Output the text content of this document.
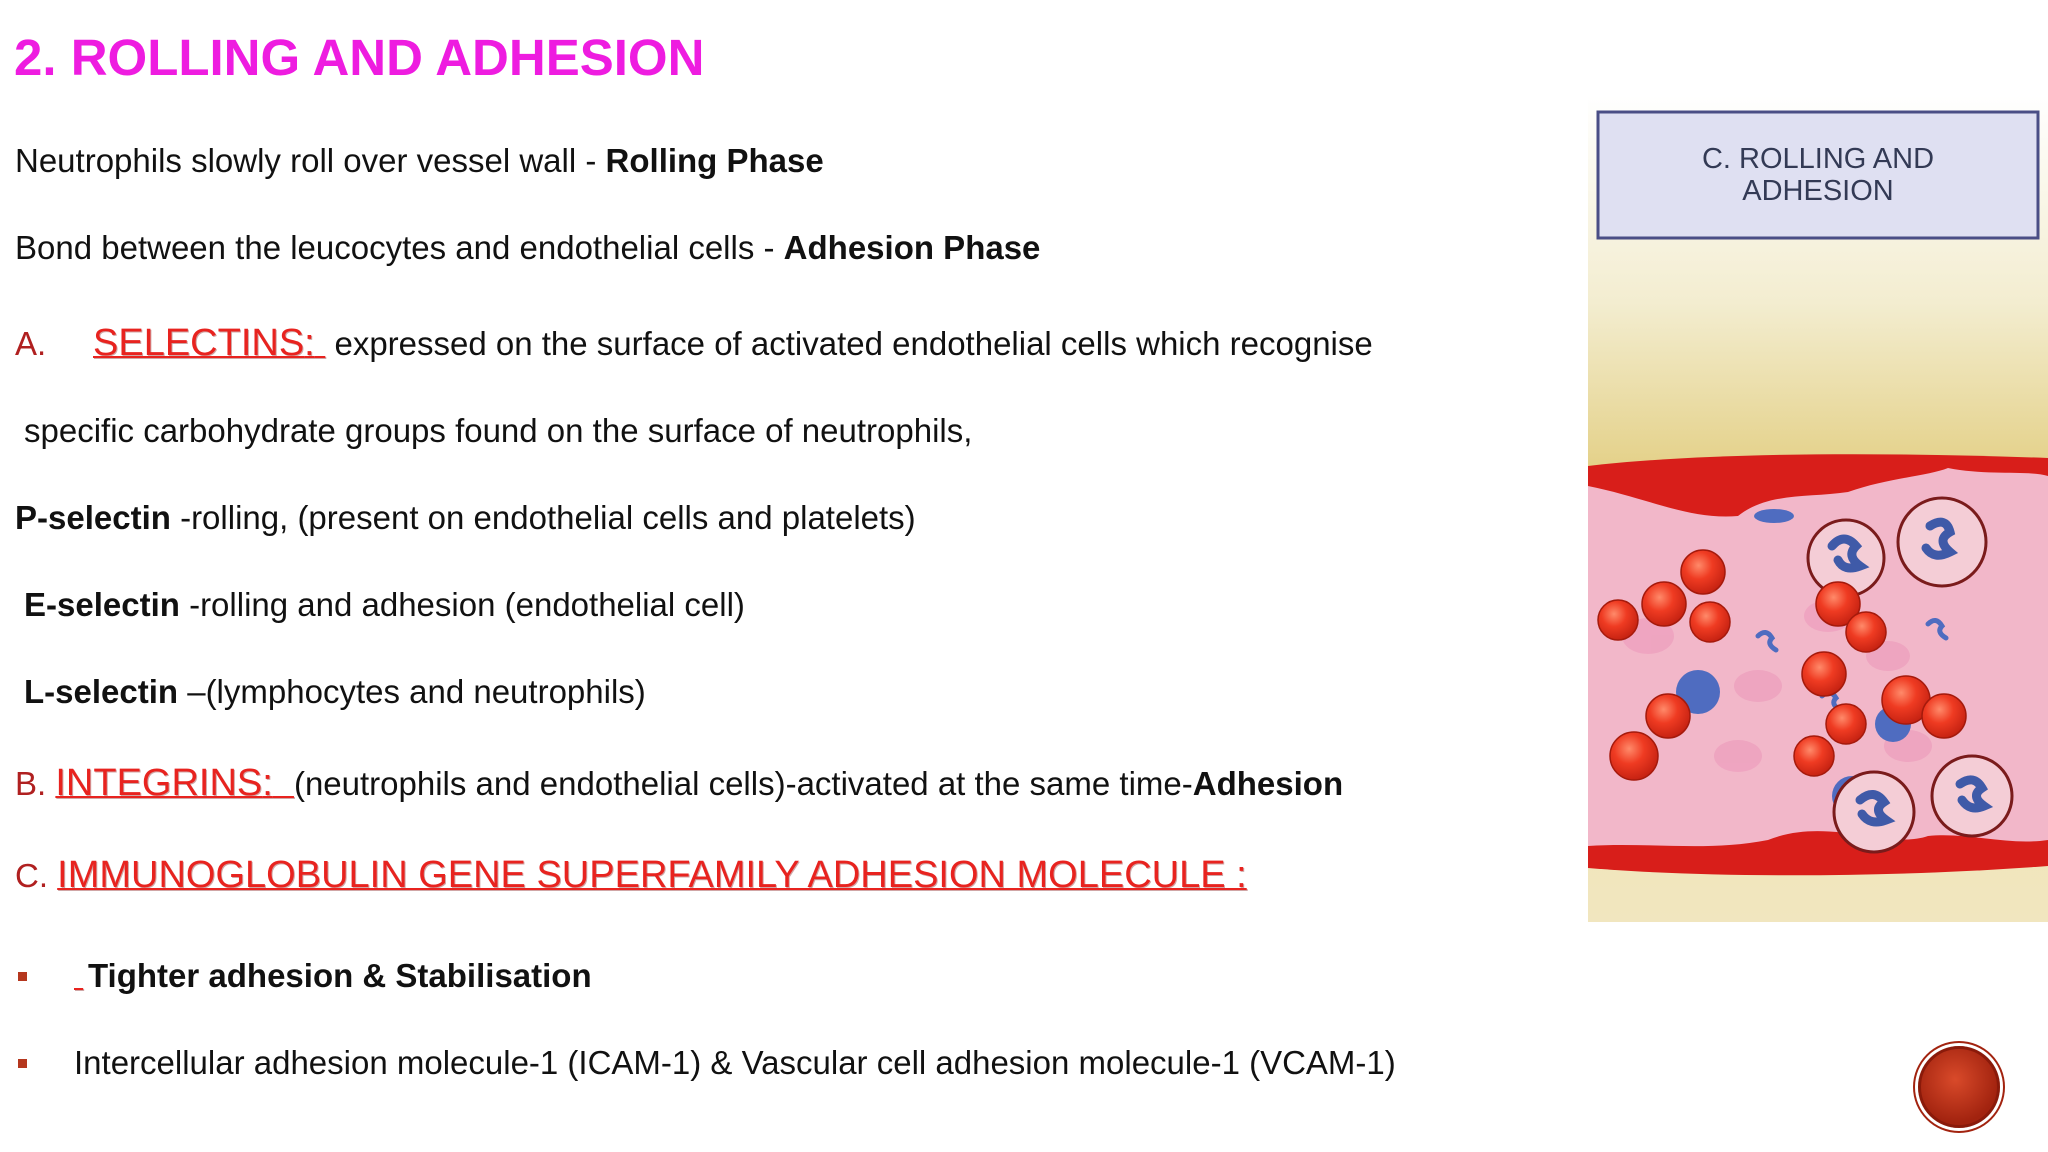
2. ROLLING AND ADHESION
Neutrophils slowly roll over vessel wall - Rolling Phase
Bond between the leucocytes and endothelial cells - Adhesion Phase
A. SELECTINS:  expressed on the surface of activated endothelial cells which recognise
specific carbohydrate groups found on the surface of neutrophils,
P-selectin -rolling, (present on endothelial cells and platelets)
E-selectin -rolling and adhesion (endothelial cell)
L-selectin –(lymphocytes and neutrophils)
B. INTEGRINS: (neutrophils and endothelial cells)-activated at the same time-Adhesion
C. IMMUNOGLOBULIN GENE SUPERFAMILY ADHESION MOLECULE :
Tighter adhesion & Stabilisation
Intercellular adhesion molecule-1 (ICAM-1) & Vascular cell adhesion molecule-1 (VCAM-1)
C. ROLLING AND
ADHESION
